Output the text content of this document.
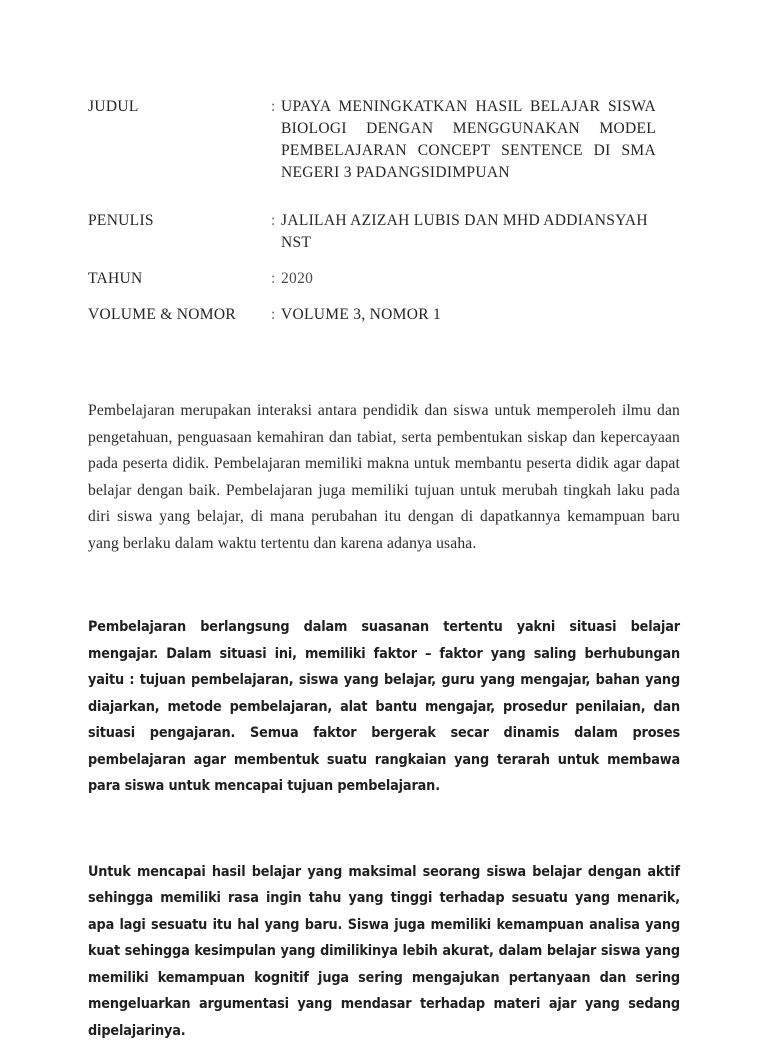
JUDUL	: UPAYA MENINGKATKAN HASIL BELAJAR SISWA BIOLOGI DENGAN MENGGUNAKAN MODEL PEMBELAJARAN CONCEPT SENTENCE DI SMA NEGERI 3 PADANGSIDIMPUAN
PENULIS	: JALILAH AZIZAH LUBIS DAN MHD ADDIANSYAH NST
TAHUN	: 2020
VOLUME & NOMOR	: VOLUME 3, NOMOR 1

Pembelajaran merupakan interaksi antara pendidik dan siswa untuk memperoleh ilmu dan pengetahuan, penguasaan kemahiran dan tabiat, serta pembentukan siskap dan kepercayaan pada peserta didik. Pembelajaran memiliki makna untuk membantu peserta didik agar dapat belajar dengan baik. Pembelajaran juga memiliki tujuan untuk merubah tingkah laku pada diri siswa yang belajar, di mana perubahan itu dengan di dapatkannya kemampuan baru yang berlaku dalam waktu tertentu dan karena adanya usaha.

Pembelajaran berlangsung dalam suasanan tertentu yakni situasi belajar mengajar. Dalam situasi ini, memiliki faktor – faktor yang saling berhubungan yaitu : tujuan pembelajaran, siswa yang belajar, guru yang mengajar, bahan yang diajarkan, metode pembelajaran, alat bantu mengajar, prosedur penilaian, dan situasi pengajaran. Semua faktor bergerak secar dinamis dalam proses pembelajaran agar membentuk suatu rangkaian yang terarah untuk membawa para siswa untuk mencapai tujuan pembelajaran.

Untuk mencapai hasil belajar yang maksimal seorang siswa belajar dengan aktif sehingga memiliki rasa ingin tahu yang tinggi terhadap sesuatu yang menarik, apa lagi sesuatu itu hal yang baru. Siswa juga memiliki kemampuan analisa yang kuat sehingga kesimpulan yang dimilikinya lebih akurat, dalam belajar siswa yang memiliki kemampuan kognitif juga sering mengajukan pertanyaan dan sering mengeluarkan argumentasi yang mendasar terhadap materi ajar yang sedang dipelajarinya.
